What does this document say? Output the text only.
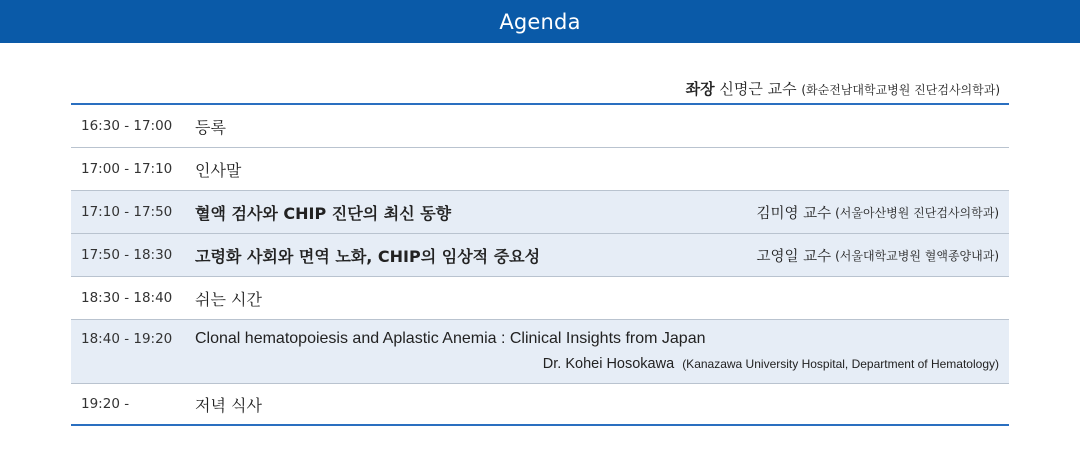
Agenda
좌장 신명근 교수 (화순전남대학교병원 진단검사의학과)
16:30 - 17:00	등록
17:00 - 17:10	인사말
17:10 - 17:50	혈액 검사와 CHIP 진단의 최신 동향	김미영 교수 (서울아산병원 진단검사의학과)
17:50 - 18:30	고령화 사회와 면역 노화, CHIP의 임상적 중요성	고영일 교수 (서울대학교병원 혈액종양내과)
18:30 - 18:40	쉬는 시간
18:40 - 19:20	Clonal hematopoiesis and Aplastic Anemia : Clinical Insights from Japan
Dr. Kohei Hosokawa (Kanazawa University Hospital, Department of Hematology)
19:20 -	저녁 식사
